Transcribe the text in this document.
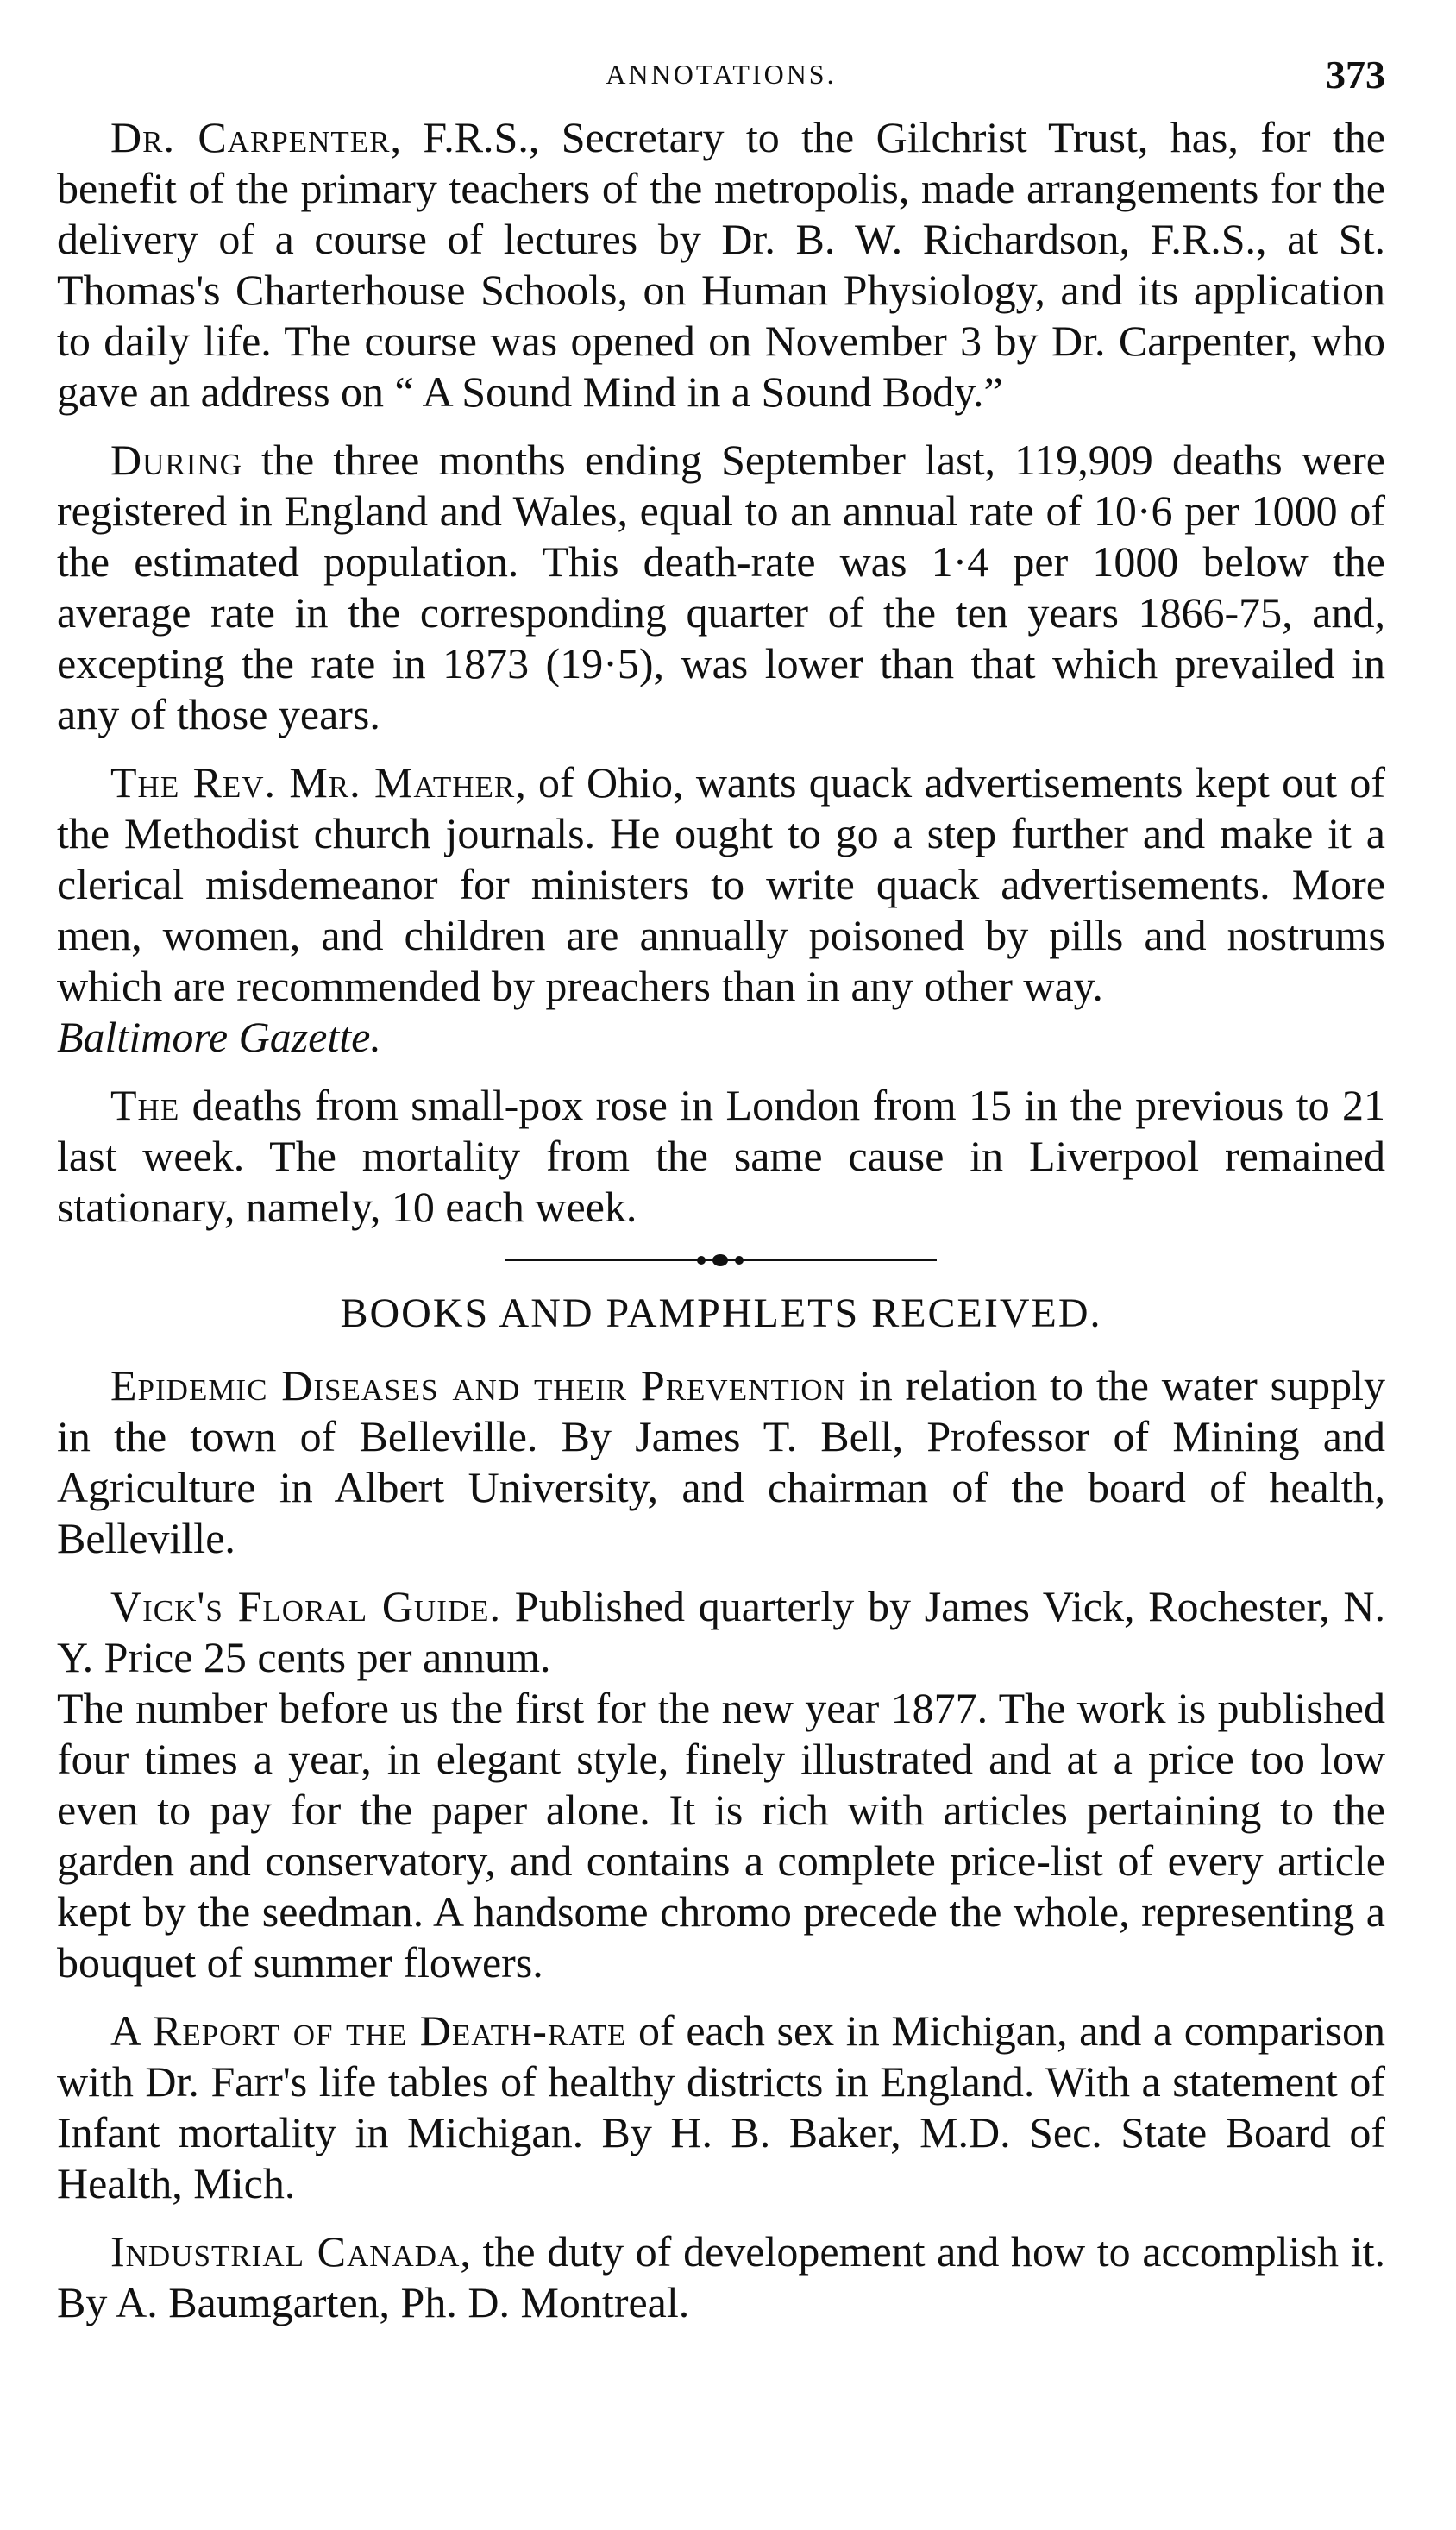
ANNOTATIONS.	373

Dr. Carpenter, F.R.S., Secretary to the Gilchrist Trust, has, for the benefit of the primary teachers of the metropolis, made arrangements for the delivery of a course of lectures by Dr. B. W. Richardson, F.R.S., at St. Thomas's Charterhouse Schools, on Human Physiology, and its application to daily life. The course was opened on November 3 by Dr. Carpenter, who gave an address on “ A Sound Mind in a Sound Body.”

During the three months ending September last, 119,909 deaths were registered in England and Wales, equal to an annual rate of 10·6 per 1000 of the estimated population. This death-rate was 1·4 per 1000 below the average rate in the corresponding quarter of the ten years 1866-75, and, excepting the rate in 1873 (19·5), was lower than that which prevailed in any of those years.

The Rev. Mr. Mather, of Ohio, wants quack advertisements kept out of the Methodist church journals. He ought to go a step further and make it a clerical misdemeanor for ministers to write quack advertisements. More men, women, and children are annually poisoned by pills and nostrums which are recommended by preachers than in any other way.
Baltimore Gazette.

The deaths from small-pox rose in London from 15 in the previous to 21 last week. The mortality from the same cause in Liverpool remained stationary, namely, 10 each week.

BOOKS AND PAMPHLETS RECEIVED.

Epidemic Diseases and their Prevention in relation to the water supply in the town of Belleville. By James T. Bell, Professor of Mining and Agriculture in Albert University, and chairman of the board of health, Belleville.

Vick's Floral Guide. Published quarterly by James Vick, Rochester, N. Y. Price 25 cents per annum.

The number before us the first for the new year 1877. The work is published four times a year, in elegant style, finely illustrated and at a price too low even to pay for the paper alone. It is rich with articles pertaining to the garden and conservatory, and contains a complete price-list of every article kept by the seedman. A handsome chromo precede the whole, representing a bouquet of summer flowers.

A Report of the Death-rate of each sex in Michigan, and a comparison with Dr. Farr's life tables of healthy districts in England. With a statement of Infant mortality in Michigan. By H. B. Baker, M.D. Sec. State Board of Health, Mich.

Industrial Canada, the duty of developement and how to accomplish it. By A. Baumgarten, Ph. D. Montreal.
